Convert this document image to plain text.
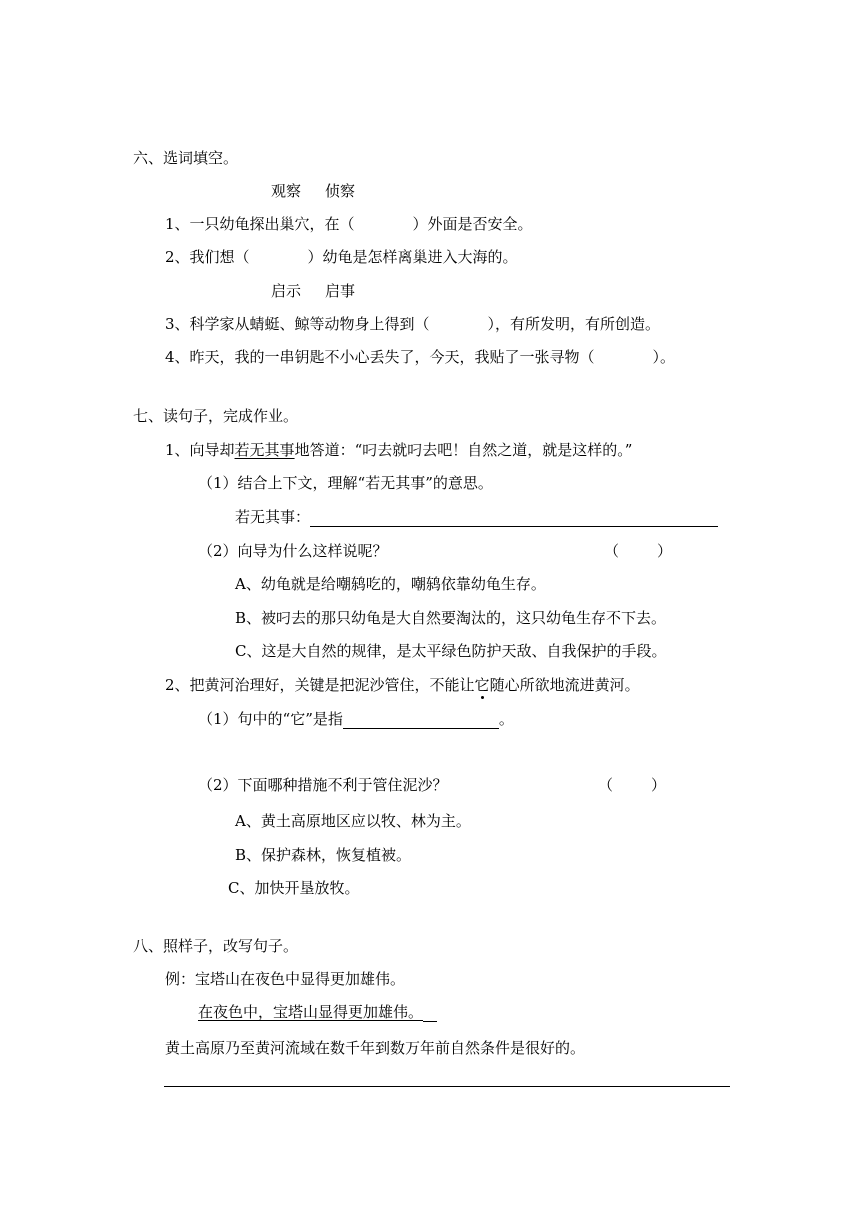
六、选词填空。
观察 侦察
1、一只幼龟探出巢穴，在（	）外面是否安全。
2、我们想（	）幼龟是怎样离巢进入大海的。
启示 启事
3、科学家从蜻蜓、鲸等动物身上得到（	），有所发明，有所创造。
4、昨天，我的一串钥匙不小心丢失了，今天，我贴了一张寻物（	）。
七、读句子，完成作业。
1、向导却若无其事地答道：“叼去就叼去吧！自然之道，就是这样的。”
（1）结合上下文，理解“若无其事”的意思。
若无其事：
（2）向导为什么这样说呢？	（	）
A、幼龟就是给嘲鸫吃的，嘲鸫依靠幼龟生存。
B、被叼去的那只幼龟是大自然要淘汰的，这只幼龟生存不下去。
C、这是大自然的规律，是太平绿色防护天敌、自我保护的手段。
2、把黄河治理好，关键是把泥沙管住，不能让它随心所欲地流进黄河。
（1）句中的“它”是指	。
（2）下面哪种措施不利于管住泥沙？	（	）
A、黄土高原地区应以牧、林为主。
B、保护森林，恢复植被。
C、加快开垦放牧。
八、照样子，改写句子。
例：宝塔山在夜色中显得更加雄伟。
在夜色中，宝塔山显得更加雄伟。
黄土高原乃至黄河流域在数千年到数万年前自然条件是很好的。
